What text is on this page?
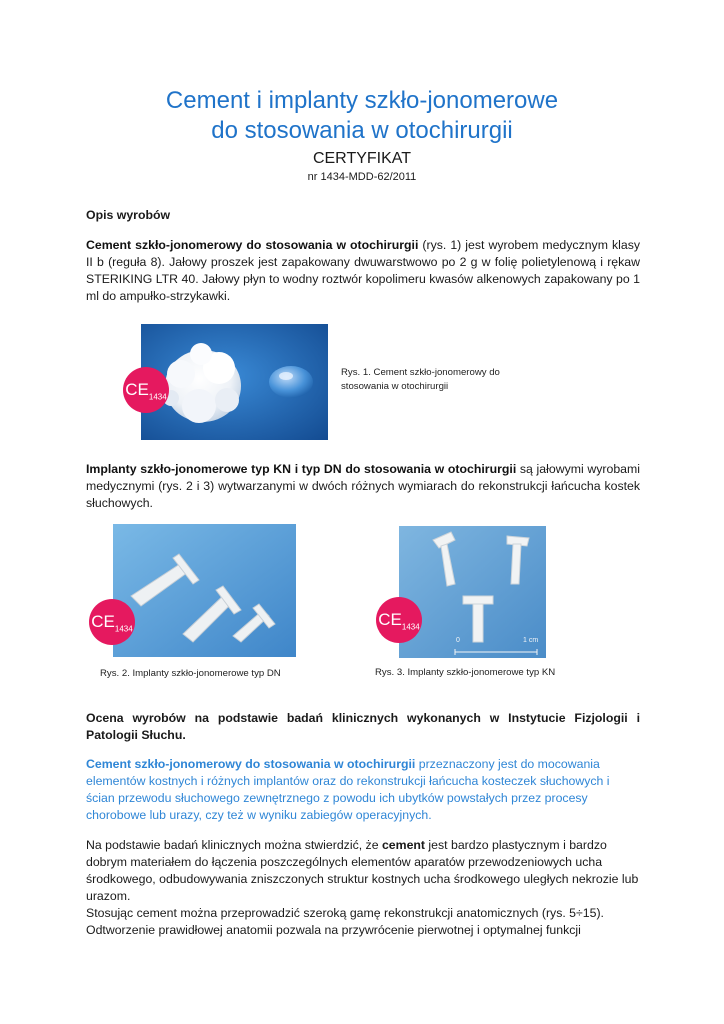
Cement i implanty szkło-jonomerowe
do stosowania w otochirurgii
CERTYFIKAT
nr 1434-MDD-62/2011
Opis wyrobów
Cement szkło-jonomerowy do stosowania w otochirurgii (rys. 1) jest wyrobem medycznym klasy II b (reguła 8). Jałowy proszek jest zapakowany dwuwarstwowo po 2 g w folię polietylenową i rękaw STERIKING LTR 40. Jałowy płyn to wodny roztwór kopolimeru kwasów alkenowych zapakowany po 1 ml do ampułko-strzykawki.
$CE_{1434}$
Rys. 1. Cement szkło-jonomerowy do stosowania w otochirurgii
Implanty szkło-jonomerowe typ KN i typ DN do stosowania w otochirurgii są jałowymi wyrobami medycznymi (rys. 2 i 3) wytwarzanymi w dwóch różnych wymiarach do rekonstrukcji łańcucha kostek słuchowych.
$CE_{1434}$
Rys. 2. Implanty szkło-jonomerowe typ DN
0	1 cm
$CE_{1434}$
Rys. 3. Implanty szkło-jonomerowe typ KN
Ocena wyrobów na podstawie badań klinicznych wykonanych w Instytucie Fizjologii i Patologii Słuchu.
Cement szkło-jonomerowy do stosowania w otochirurgii przeznaczony jest do mocowania elementów kostnych i różnych implantów oraz do rekonstrukcji łańcucha kosteczek słuchowych i ścian przewodu słuchowego zewnętrznego z powodu ich ubytków powstałych przez procesy chorobowe lub urazy, czy też w wyniku zabiegów operacyjnych.
Na podstawie badań klinicznych można stwierdzić, że cement jest bardzo plastycznym i bardzo dobrym materiałem do łączenia poszczególnych elementów aparatów przewodzeniowych ucha środkowego, odbudowywania zniszczonych struktur kostnych ucha środkowego uległych nekrozie lub urazom.
Stosując cement można przeprowadzić szeroką gamę rekonstrukcji anatomicznych (rys. 5÷15).
Odtworzenie prawidłowej anatomii pozwala na przywrócenie pierwotnej i optymalnej funkcji
